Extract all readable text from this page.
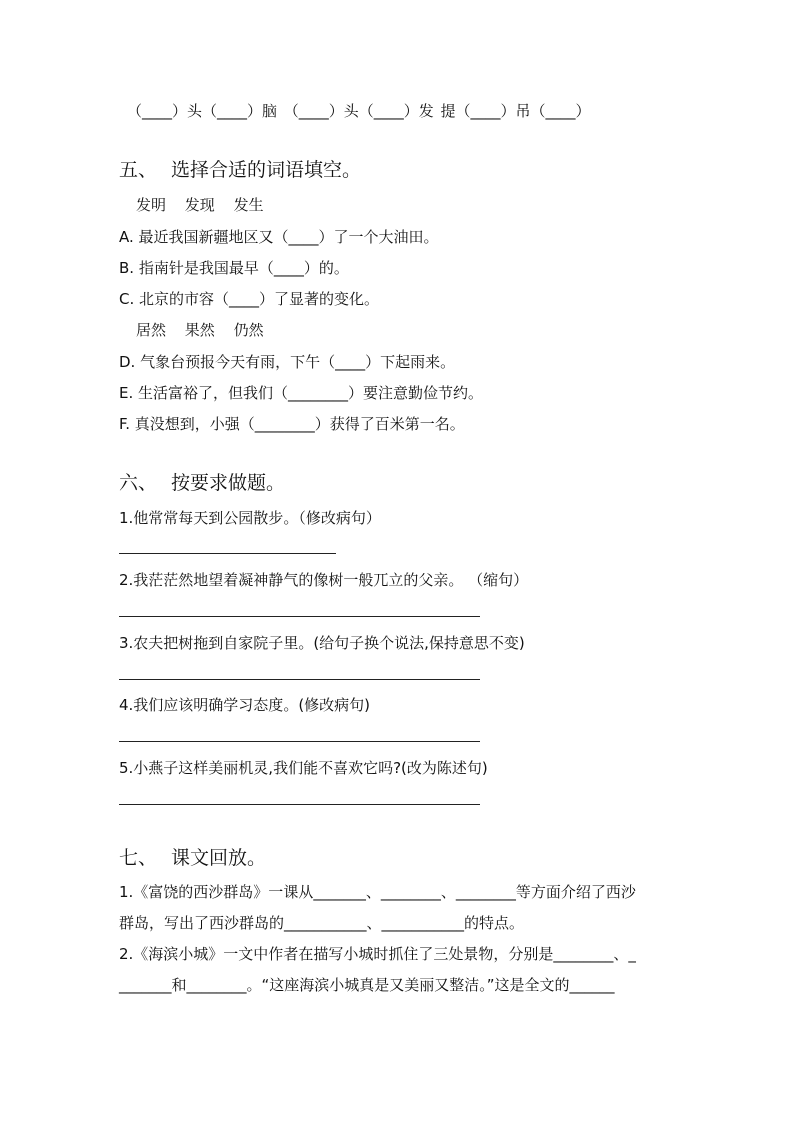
（____）头（____）脑 （____）头（____）发 提（____）吊（____）
五、 选择合适的词语填空。
发明 发现 发生
A. 最近我国新疆地区又（____）了一个大油田。
B. 指南针是我国最早（____）的。
C. 北京的市容（____）了显著的变化。
居然 果然 仍然
D. 气象台预报今天有雨，下午（____）下起雨来。
E. 生活富裕了，但我们（________）要注意勤俭节约。
F. 真没想到，小强（________）获得了百米第一名。
六、 按要求做题。
1.他常常每天到公园散步。（修改病句）
2.我茫茫然地望着凝神静气的像树一般兀立的父亲。 （缩句）
3.农夫把树拖到自家院子里。(给句子换个说法,保持意思不变)
4.我们应该明确学习态度。(修改病句)
5.小燕子这样美丽机灵,我们能不喜欢它吗?(改为陈述句)
七、 课文回放。
1.《富饶的西沙群岛》一课从_______、________、________等方面介绍了西沙
群岛，写出了西沙群岛的___________、___________的特点。
2.《海滨小城》一文中作者在描写小城时抓住了三处景物，分别是________、_
_______和________。“这座海滨小城真是又美丽又整洁。”这是全文的______
